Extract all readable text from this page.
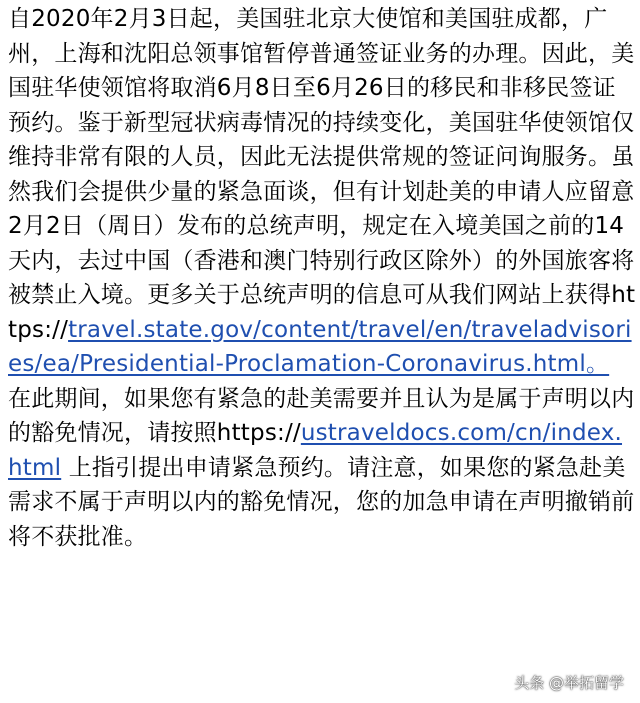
自2020年2月3日起，美国驻北京大使馆和美国驻成都，广州，上海和沈阳总领事馆暂停普通签证业务的办理。因此，美国驻华使领馆将取消6月8日至6月26日的移民和非移民签证预约。鉴于新型冠状病毒情况的持续变化，美国驻华使领馆仅维持非常有限的人员，因此无法提供常规的签证问询服务。虽然我们会提供少量的紧急面谈，但有计划赴美的申请人应留意2月2日（周日）发布的总统声明，规定在入境美国之前的14天内，去过中国（香港和澳门特别行政区除外）的外国旅客将被禁止入境。更多关于总统声明的信息可从我们网站上获得https://travel.state.gov/content/travel/en/traveladvisories/ea/Presidential-Proclamation-Coronavirus.html。 在此期间，如果您有紧急的赴美需要并且认为是属于声明以内的豁免情况，请按照https://ustraveldocs.com/cn/index.html 上指引提出申请紧急预约。请注意，如果您的紧急赴美需求不属于声明以内的豁免情况，您的加急申请在声明撤销前将不获批准。
头条 @举拓留学
